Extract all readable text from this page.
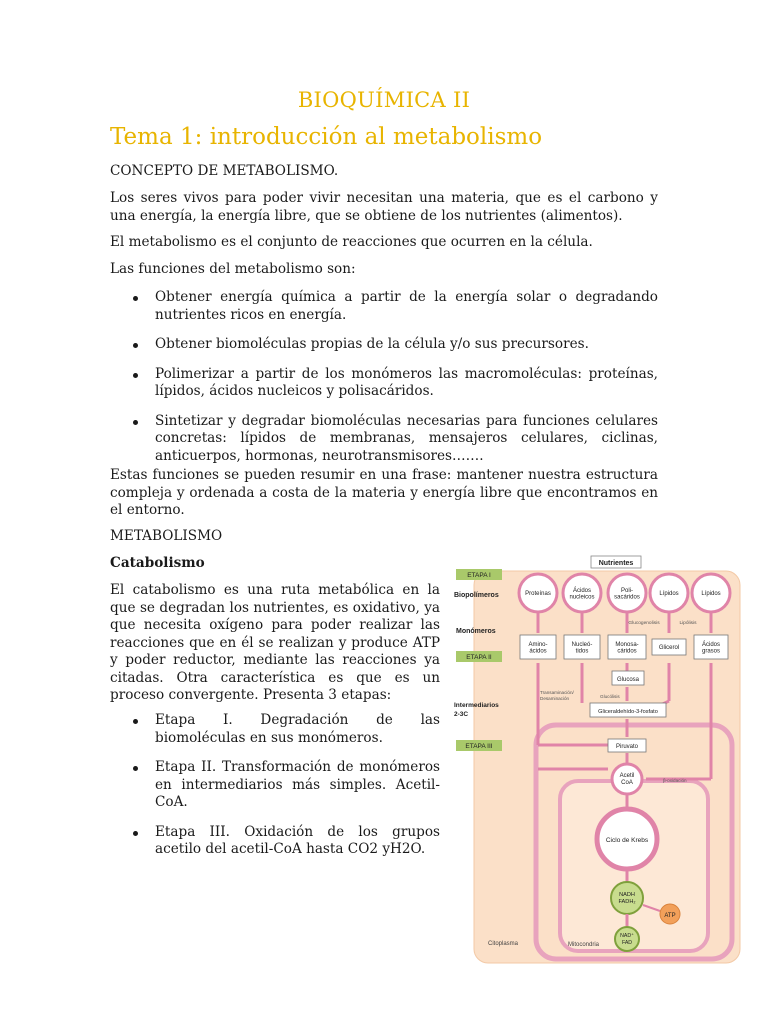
BIOQUÍMICA II
Tema 1: introducción al metabolismo
CONCEPTO DE METABOLISMO.
Los seres vivos para poder vivir necesitan una materia, que es el carbono y una energía, la energía libre, que se obtiene de los nutrientes (alimentos).
El metabolismo es el conjunto de reacciones que ocurren en la célula.
Las funciones del metabolismo son:
Obtener energía química a partir de la energía solar o degradando nutrientes ricos en energía.
Obtener biomoléculas propias de la célula y/o sus precursores.
Polimerizar a partir de los monómeros las macromoléculas: proteínas, lípidos, ácidos nucleicos y polisacáridos.
Sintetizar y degradar biomoléculas necesarias para funciones celulares concretas: lípidos de membranas, mensajeros celulares, ciclinas, anticuerpos, hormonas, neurotransmisores…….
Estas funciones se pueden resumir en una frase: mantener nuestra estructura compleja y ordenada a costa de la materia y energía libre que encontramos en el entorno.
METABOLISMO
Catabolismo
El catabolismo es una ruta metabólica en la que se degradan los nutrientes, es oxidativo, ya que necesita oxígeno para poder realizar las reacciones que en él se realizan y produce ATP y poder reductor, mediante las reacciones ya citadas. Otra característica es que es un proceso convergente. Presenta 3 etapas:
Etapa I. Degradación de las biomoléculas en sus monómeros.
Etapa II. Transformación de monómeros en intermediarios más simples. Acetil-CoA.
Etapa III. Oxidación de los grupos acetilo del acetil-CoA hasta CO2 yH2O.
Nutrientes
ETAPA I
ETAPA II
ETAPA III
Biopolímeros
Monómeros
Intermediarios
2-3C
Proteínas
Ácidos
nucleicos
Poli-
sacáridos
Lípidos	Lípidos
Amino-
ácidos
Nucleó-
tidos
Monosa-
cáridos
Glicerol
Ácidos
grasos
Glucogenolisis	Lipólisis
Transaminación/
Desaminación	Glucólisis
Glucosa
Gliceraldehído-3-fosfato
Piruvato
Acetil
CoA	β-oxidación
Ciclo de Krebs
NADH
FADH₂
ATP
NAD⁺
FAD
Citoplasma	Mitocondria
